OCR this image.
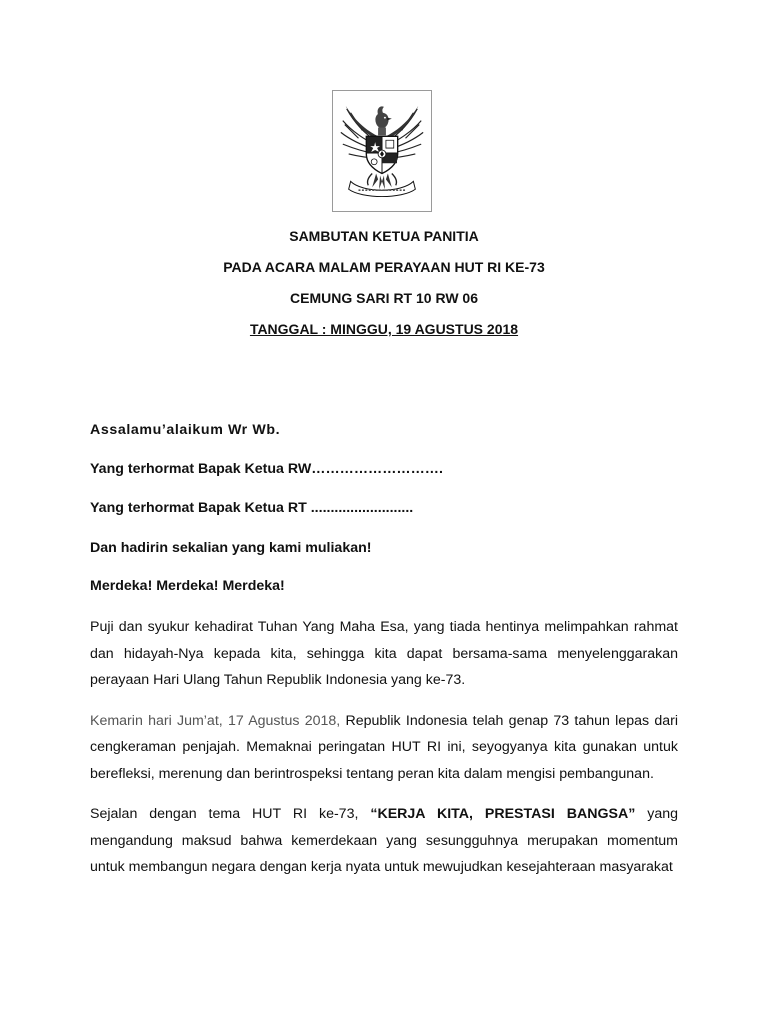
SAMBUTAN KETUA PANITIA
PADA ACARA MALAM PERAYAAN HUT RI KE-73
CEMUNG SARI RT 10 RW 06
TANGGAL : MINGGU, 19 AGUSTUS 2018

Assalamu’alaikum Wr Wb.

Yang terhormat Bapak Ketua RW……………………….

Yang terhormat Bapak Ketua RT ..........................

Dan hadirin sekalian yang kami muliakan!

Merdeka! Merdeka! Merdeka!

Puji dan syukur kehadirat Tuhan Yang Maha Esa, yang tiada hentinya melimpahkan rahmat dan hidayah-Nya kepada kita, sehingga kita dapat bersama-sama menyelenggarakan perayaan Hari Ulang Tahun Republik Indonesia yang ke-73.

Kemarin hari Jum’at, 17 Agustus 2018, Republik Indonesia telah genap 73 tahun lepas dari cengkeraman penjajah. Memaknai peringatan HUT RI ini, seyogyanya kita gunakan untuk berefleksi, merenung dan berintrospeksi tentang peran kita dalam mengisi pembangunan.

Sejalan dengan tema HUT RI ke-73, “KERJA KITA, PRESTASI BANGSA” yang mengandung maksud bahwa kemerdekaan yang sesungguhnya merupakan momentum untuk membangun negara dengan kerja nyata untuk mewujudkan kesejahteraan masyarakat
